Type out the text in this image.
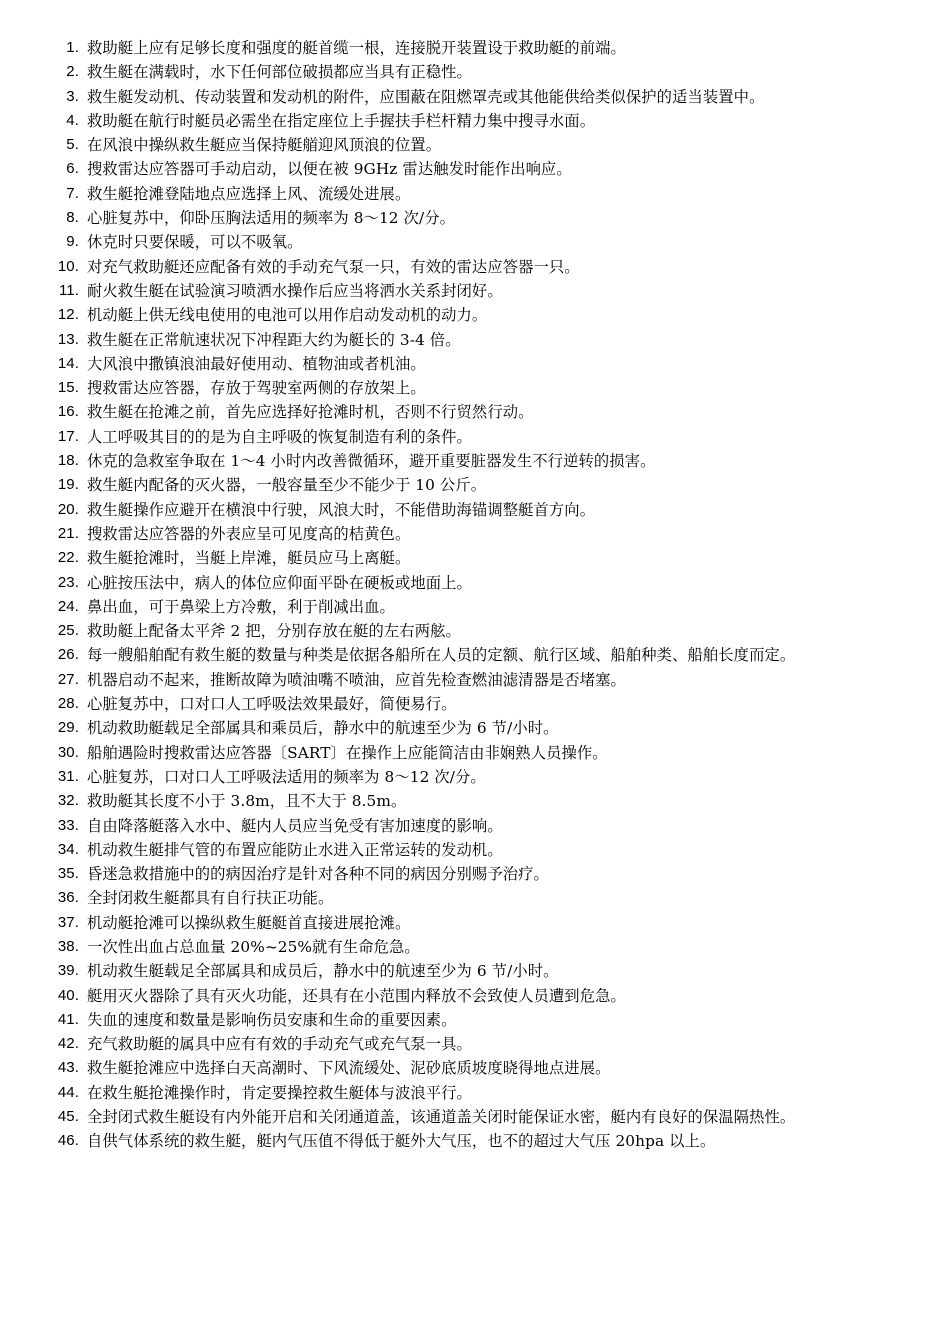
1. 救助艇上应有足够长度和强度的艇首缆一根，连接脱开装置设于救助艇的前端。
2. 救生艇在满载时，水下任何部位破损都应当具有正稳性。
3. 救生艇发动机、传动装置和发动机的附件，应围蔽在阻燃罩壳或其他能供给类似保护的适当装置中。
4. 救助艇在航行时艇员必需坐在指定座位上手握扶手栏杆精力集中搜寻水面。
5. 在风浪中操纵救生艇应当保持艇艏迎风顶浪的位置。
6. 搜救雷达应答器可手动启动，以便在被 9GHz 雷达触发时能作出响应。
7. 救生艇抢滩登陆地点应选择上风、流缓处进展。
8. 心脏复苏中，仰卧压胸法适用的频率为 8～12 次/分。
9. 休克时只要保暖，可以不吸氧。
10. 对充气救助艇还应配备有效的手动充气泵一只，有效的雷达应答器一只。
11. 耐火救生艇在试验演习喷洒水操作后应当将洒水关系封闭好。
12. 机动艇上供无线电使用的电池可以用作启动发动机的动力。
13. 救生艇在正常航速状况下冲程距大约为艇长的 3-4 倍。
14. 大风浪中撒镇浪油最好使用动、植物油或者机油。
15. 搜救雷达应答器，存放于驾驶室两侧的存放架上。
16. 救生艇在抢滩之前，首先应选择好抢滩时机，否则不行贸然行动。
17. 人工呼吸其目的的是为自主呼吸的恢复制造有利的条件。
18. 休克的急救室争取在 1～4 小时内改善微循环，避开重要脏器发生不行逆转的损害。
19. 救生艇内配备的灭火器，一般容量至少不能少于 10 公斤。
20. 救生艇操作应避开在横浪中行驶，风浪大时，不能借助海锚调整艇首方向。
21. 搜救雷达应答器的外表应呈可见度高的桔黄色。
22. 救生艇抢滩时，当艇上岸滩，艇员应马上离艇。
23. 心脏按压法中，病人的体位应仰面平卧在硬板或地面上。
24. 鼻出血，可于鼻梁上方冷敷，利于削减出血。
25. 救助艇上配备太平斧 2 把，分别存放在艇的左右两舷。
26. 每一艘船舶配有救生艇的数量与种类是依据各船所在人员的定额、航行区域、船舶种类、船舶长度而定。
27. 机器启动不起来，推断故障为喷油嘴不喷油，应首先检查燃油滤清器是否堵塞。
28. 心脏复苏中，口对口人工呼吸法效果最好，简便易行。
29. 机动救助艇载足全部属具和乘员后，静水中的航速至少为 6 节/小时。
30. 船舶遇险时搜救雷达应答器〔SART〕在操作上应能简洁由非娴熟人员操作。
31. 心脏复苏，口对口人工呼吸法适用的频率为 8～12 次/分。
32. 救助艇其长度不小于 3.8m，且不大于 8.5m。
33. 自由降落艇落入水中、艇内人员应当免受有害加速度的影响。
34. 机动救生艇排气管的布置应能防止水进入正常运转的发动机。
35. 昏迷急救措施中的的病因治疗是针对各种不同的病因分别赐予治疗。
36. 全封闭救生艇都具有自行扶正功能。
37. 机动艇抢滩可以操纵救生艇艇首直接进展抢滩。
38. 一次性出血占总血量 20%~25%就有生命危急。
39. 机动救生艇载足全部属具和成员后，静水中的航速至少为 6 节/小时。
40. 艇用灭火器除了具有灭火功能，还具有在小范围内释放不会致使人员遭到危急。
41. 失血的速度和数量是影响伤员安康和生命的重要因素。
42. 充气救助艇的属具中应有有效的手动充气或充气泵一具。
43. 救生艇抢滩应中选择白天高潮时、下风流缓处、泥砂底质坡度晓得地点进展。
44. 在救生艇抢滩操作时，肯定要操控救生艇体与波浪平行。
45. 全封闭式救生艇设有内外能开启和关闭通道盖，该通道盖关闭时能保证水密，艇内有良好的保温隔热性。
46. 自供气体系统的救生艇，艇内气压值不得低于艇外大气压，也不的超过大气压 20hpa 以上。
